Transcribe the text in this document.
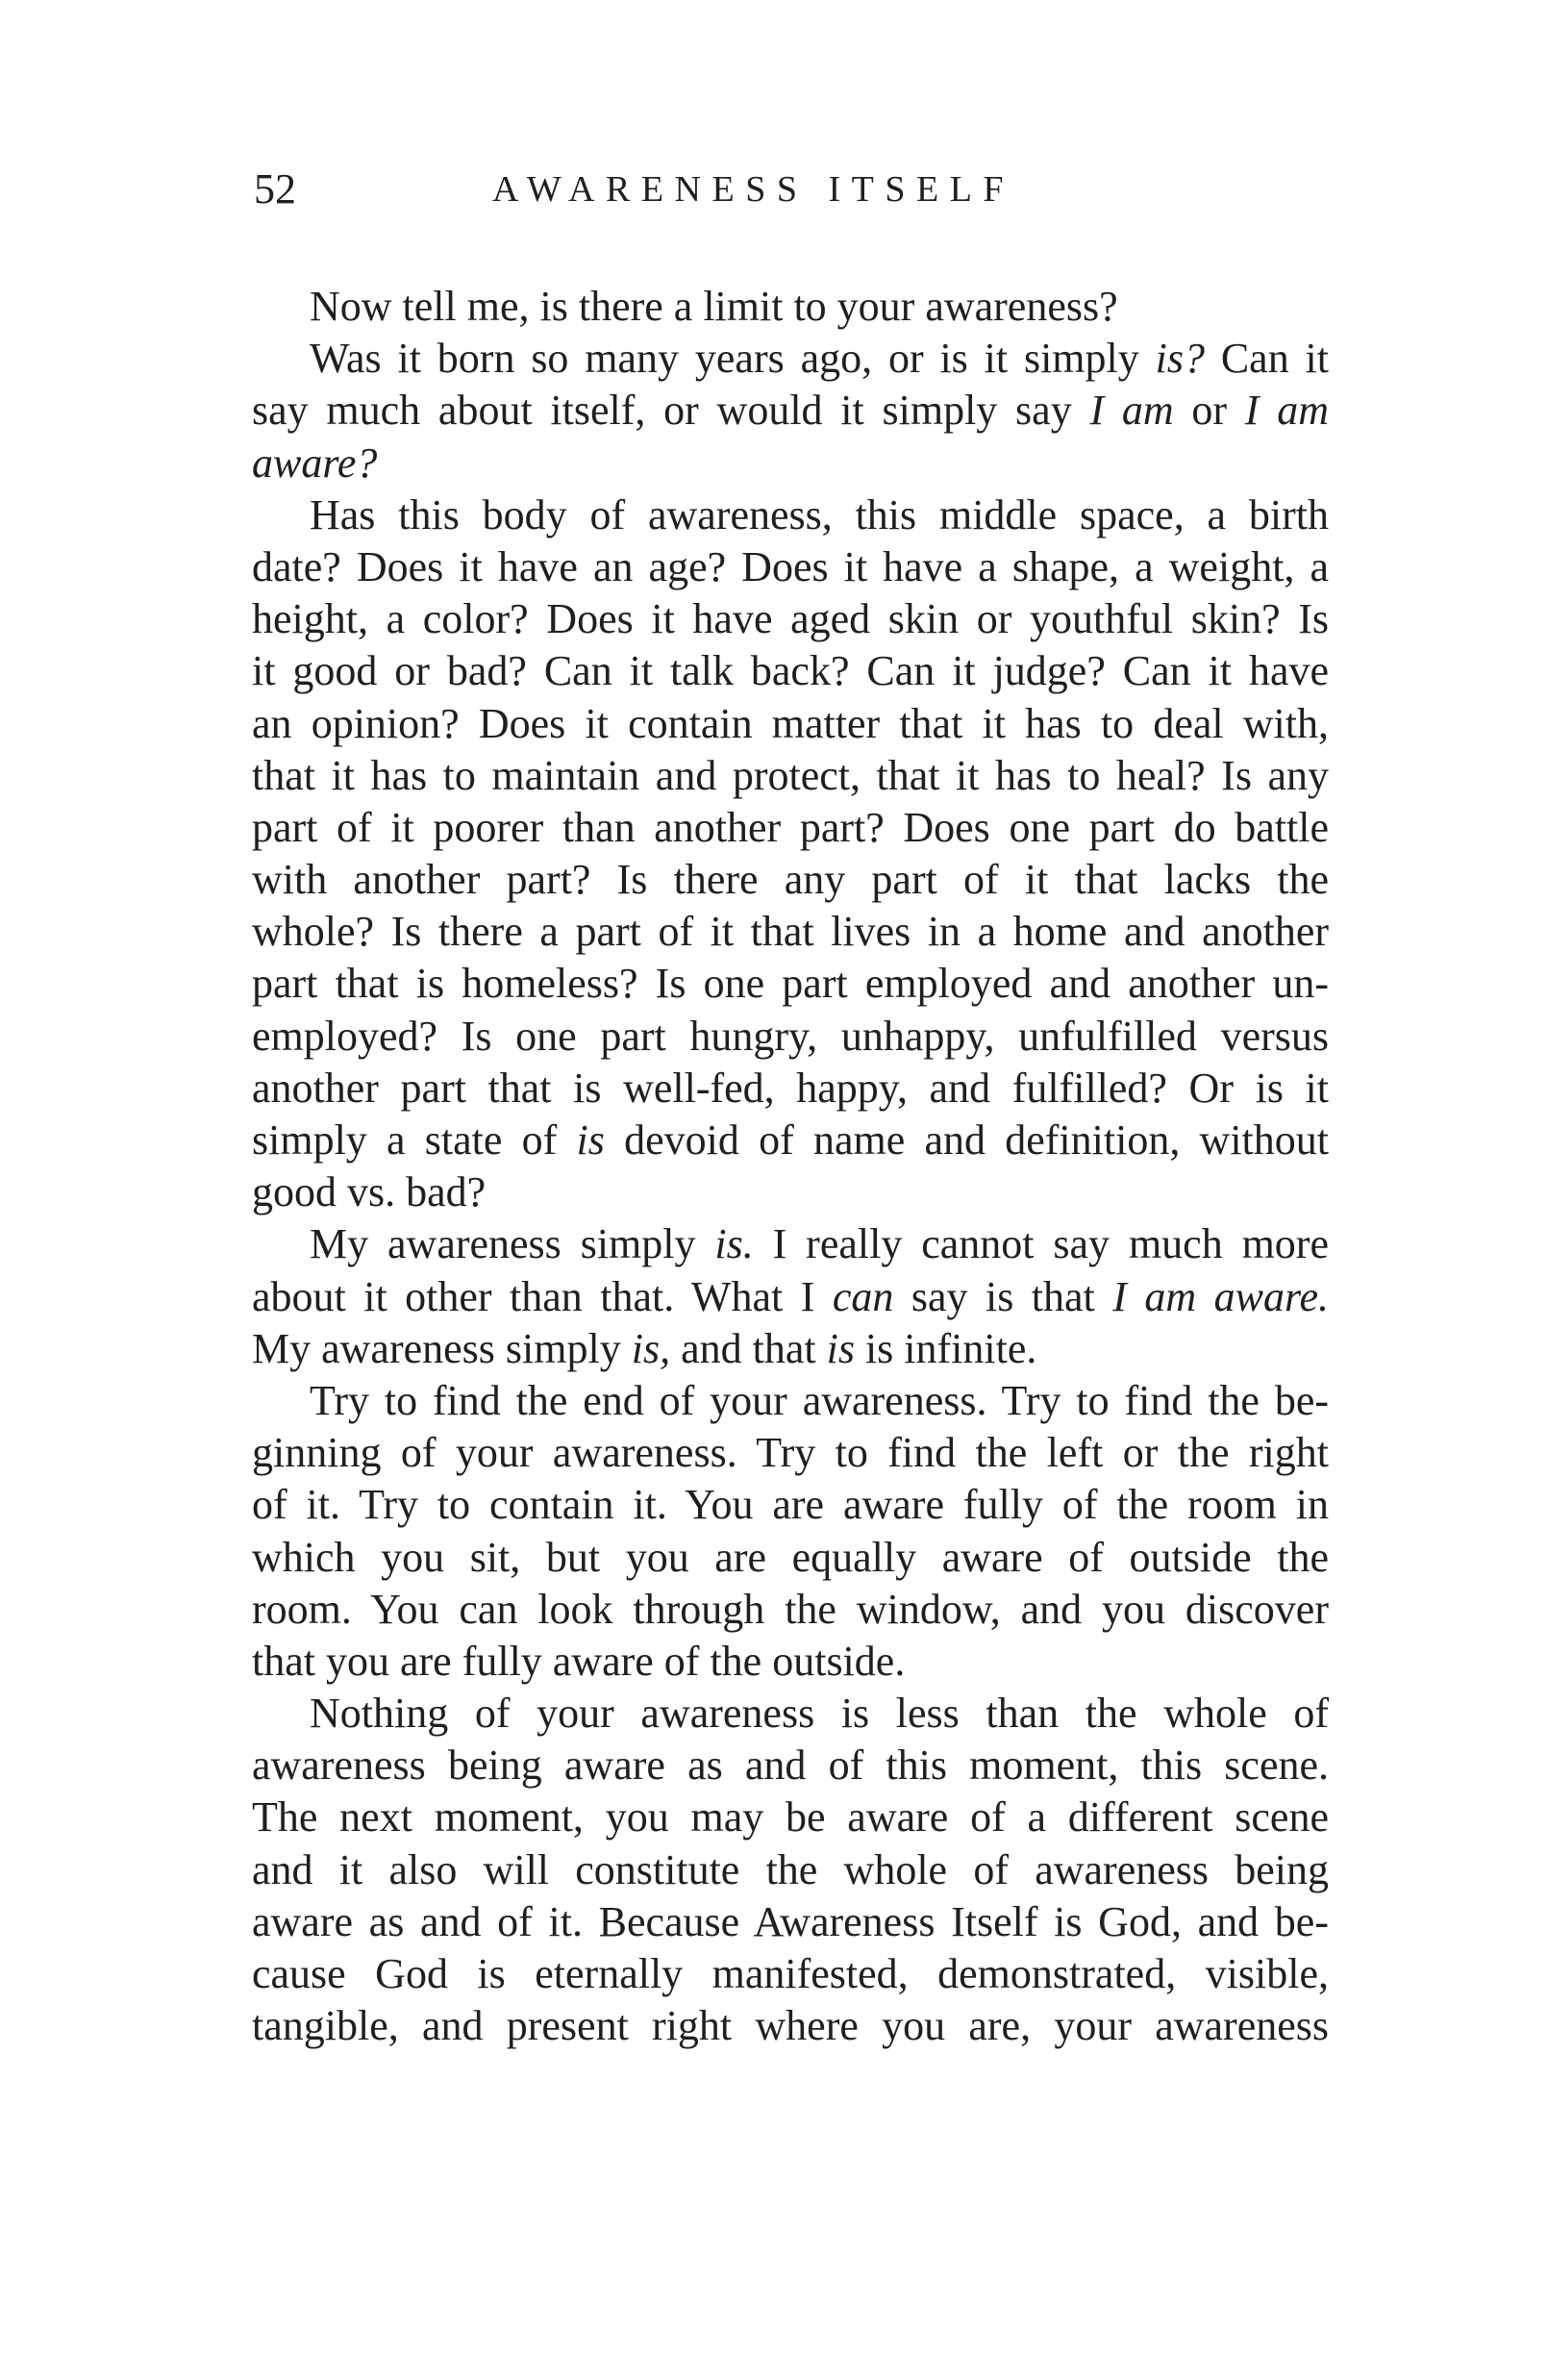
52	AWARENESS ITSELF
Now tell me, is there a limit to your awareness?
Was it born so many years ago, or is it simply is? Can it
say much about itself, or would it simply say I am or I am
aware?
Has this body of awareness, this middle space, a birth
date? Does it have an age? Does it have a shape, a weight, a
height, a color? Does it have aged skin or youthful skin? Is
it good or bad? Can it talk back? Can it judge? Can it have
an opinion? Does it contain matter that it has to deal with,
that it has to maintain and protect, that it has to heal? Is any
part of it poorer than another part? Does one part do battle
with another part? Is there any part of it that lacks the
whole? Is there a part of it that lives in a home and another
part that is homeless? Is one part employed and another un-
employed? Is one part hungry, unhappy, unfulfilled versus
another part that is well-fed, happy, and fulfilled? Or is it
simply a state of is devoid of name and definition, without
good vs. bad?
My awareness simply is. I really cannot say much more
about it other than that. What I can say is that I am aware.
My awareness simply is, and that is is infinite.
Try to find the end of your awareness. Try to find the be-
ginning of your awareness. Try to find the left or the right
of it. Try to contain it. You are aware fully of the room in
which you sit, but you are equally aware of outside the
room. You can look through the window, and you discover
that you are fully aware of the outside.
Nothing of your awareness is less than the whole of
awareness being aware as and of this moment, this scene.
The next moment, you may be aware of a different scene
and it also will constitute the whole of awareness being
aware as and of it. Because Awareness Itself is God, and be-
cause God is eternally manifested, demonstrated, visible,
tangible, and present right where you are, your awareness
